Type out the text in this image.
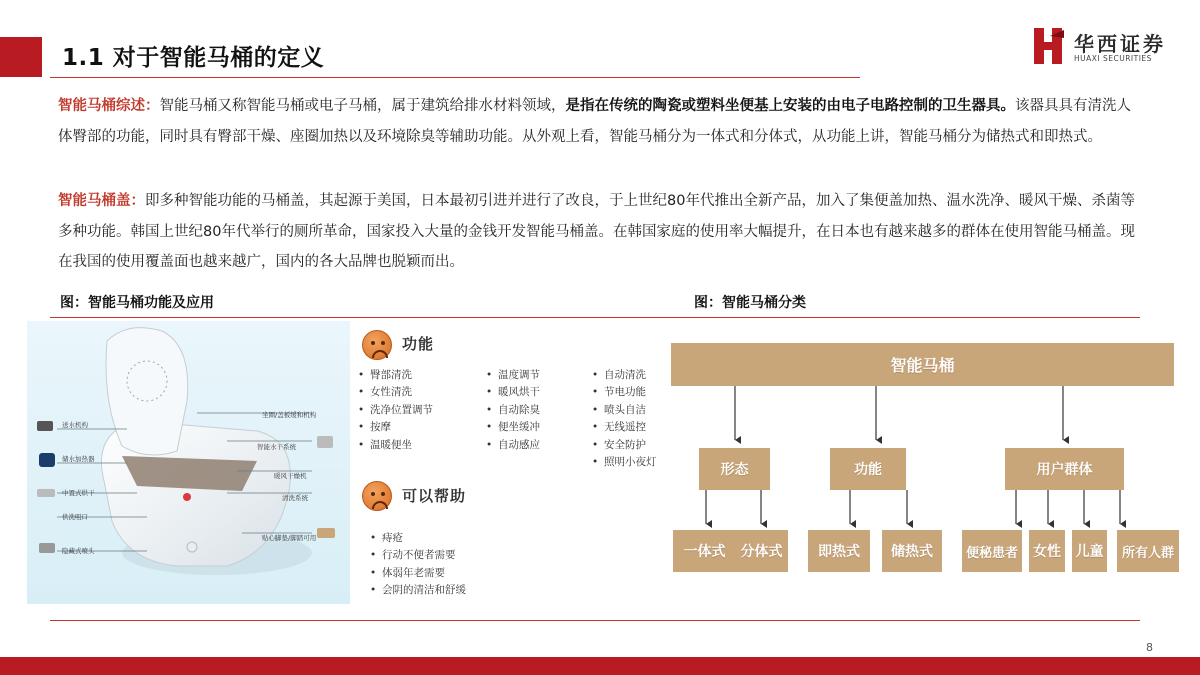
1.1 对于智能马桶的定义
华西证券
HUAXI SECURITIES
智能马桶综述：智能马桶又称智能马桶或电子马桶，属于建筑给排水材料领域，是指在传统的陶瓷或塑料坐便基上安装的由电子电路控制的卫生器具。该器具具有清洗人体臀部的功能，同时具有臀部干燥、座圈加热以及环境除臭等辅助功能。从外观上看，智能马桶分为一体式和分体式，从功能上讲，智能马桶分为储热式和即热式。
智能马桶盖：即多种智能功能的马桶盖，其起源于美国，日本最初引进并进行了改良，于上世纪80年代推出全新产品，加入了集便盖加热、温水洗净、暖风干燥、杀菌等多种功能。韩国上世纪80年代举行的厕所革命，国家投入大量的金钱开发智能马桶盖。在韩国家庭的使用率大幅提升，在日本也有越来越多的群体在使用智能马桶盖。现在我国的使用覆盖面也越来越广，国内的各大品牌也脱颖而出。
图：智能马桶功能及应用	图：智能马桶分类
送水机构
储水加热器
中置式烘干
供洗咀口
隐藏式喷头
坐圈/盖板缓和机构
智能水干系统
暖风干燥机
清洗系统
贴心脚垫/脚踏可用
功能
• 臀部清洗
• 女性清洗
• 洗净位置调节
• 按摩
• 温暖便坐
• 温度调节
• 暖风烘干
• 自动除臭
• 便坐缓冲
• 自动感应
• 自动清洗
• 节电功能
• 喷头自洁
• 无线遥控
• 安全防护
• 照明小夜灯
可以帮助
• 痔疮
• 行动不便者需要
• 体弱年老需要
• 会阴的清洁和舒缓
智能马桶
形态	功能	用户群体
一体式	分体式	即热式	储热式	便秘患者 女性 儿童	所有人群
8
